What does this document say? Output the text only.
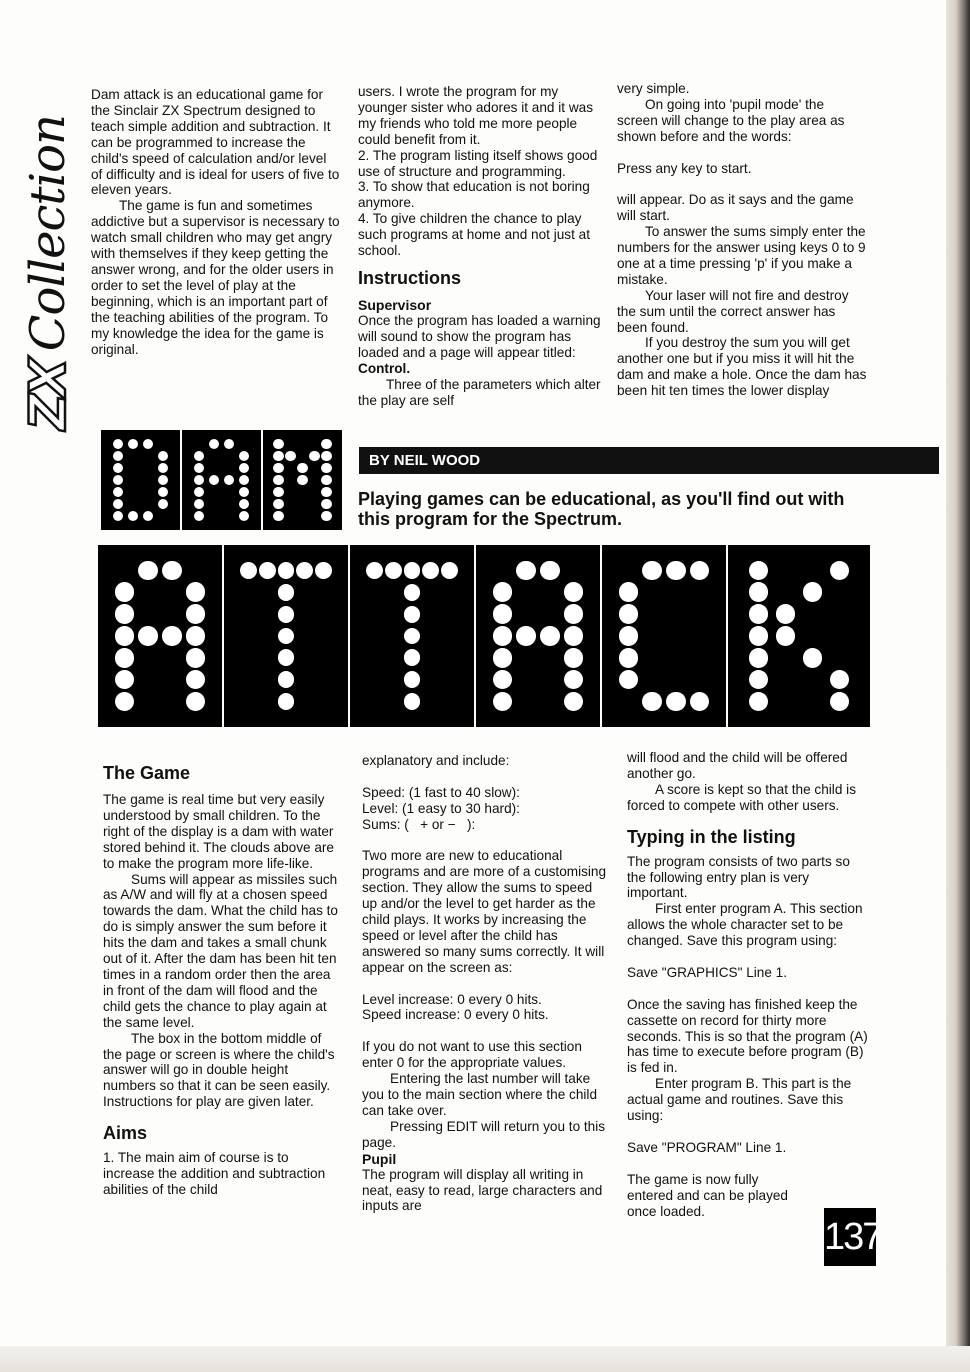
ZX
Collection

Dam attack is an educational game for the Sinclair ZX Spectrum designed to teach simple addition and subtraction. It can be programmed to increase the child's speed of calculation and/or level of difficulty and is ideal for users of five to eleven years.

The game is fun and sometimes addictive but a supervisor is necessary to watch small children who may get angry with themselves if they keep getting the answer wrong, and for the older users in order to set the level of play at the beginning, which is an important part of the teaching abilities of the program. To my knowledge the idea for the game is original.

users. I wrote the program for my younger sister who adores it and it was my friends who told me more people could benefit from it.

2. The program listing itself shows good use of structure and programming.

3. To show that education is not boring anymore.

4. To give children the chance to play such programs at home and not just at school.

Instructions
Supervisor

Once the program has loaded a warning will sound to show the program has loaded and a page will appear titled: Control.

Three of the parameters which alter the play are self

very simple.

On going into 'pupil mode' the screen will change to the play area as shown before and the words:

Press any key to start.

will appear. Do as it says and the game will start.

To answer the sums simply enter the numbers for the answer using keys 0 to 9 one at a time pressing 'p' if you make a mistake.

Your laser will not fire and destroy the sum until the correct answer has been found.

If you destroy the sum you will get another one but if you miss it will hit the dam and make a hole. Once the dam has been hit ten times the lower display

BY NEIL WOOD
Playing games can be educational, as you'll find out with this program for the Spectrum.
The Game

The game is real time but very easily understood by small children. To the right of the display is a dam with water stored behind it. The clouds above are to make the program more life-like.

Sums will appear as missiles such as A/W and will fly at a chosen speed towards the dam. What the child has to do is simply answer the sum before it hits the dam and takes a small chunk out of it. After the dam has been hit ten times in a random order then the area in front of the dam will flood and the child gets the chance to play again at the same level.

The box in the bottom middle of the page or screen is where the child's answer will go in double height numbers so that it can be seen easily. Instructions for play are given later.

Aims

1. The main aim of course is to increase the addition and subtraction abilities of the child

explanatory and include:

Speed: (1 fast to 40 slow):
Level: (1 easy to 30 hard):
Sums: (   + or −   ):

Two more are new to educational programs and are more of a customising section. They allow the sums to speed up and/or the level to get harder as the child plays. It works by increasing the speed or level after the child has answered so many sums correctly. It will appear on the screen as:

Level increase: 0 every 0 hits.
Speed increase: 0 every 0 hits.

If you do not want to use this section enter 0 for the appropriate values.

Entering the last number will take you to the main section where the child can take over.

Pressing EDIT will return you to this page.

Pupil

The program will display all writing in neat, easy to read, large characters and inputs are

will flood and the child will be offered another go.

A score is kept so that the child is forced to compete with other users.

Typing in the listing

The program consists of two parts so the following entry plan is very important.

First enter program A. This section allows the whole character set to be changed. Save this program using:

Save "GRAPHICS" Line 1.

Once the saving has finished keep the cassette on record for thirty more seconds. This is so that the program (A) has time to execute before program (B) is fed in.

Enter program B. This part is the actual game and routines. Save this using:

Save "PROGRAM" Line 1.

The game is now fully entered and can be played once loaded.

137
